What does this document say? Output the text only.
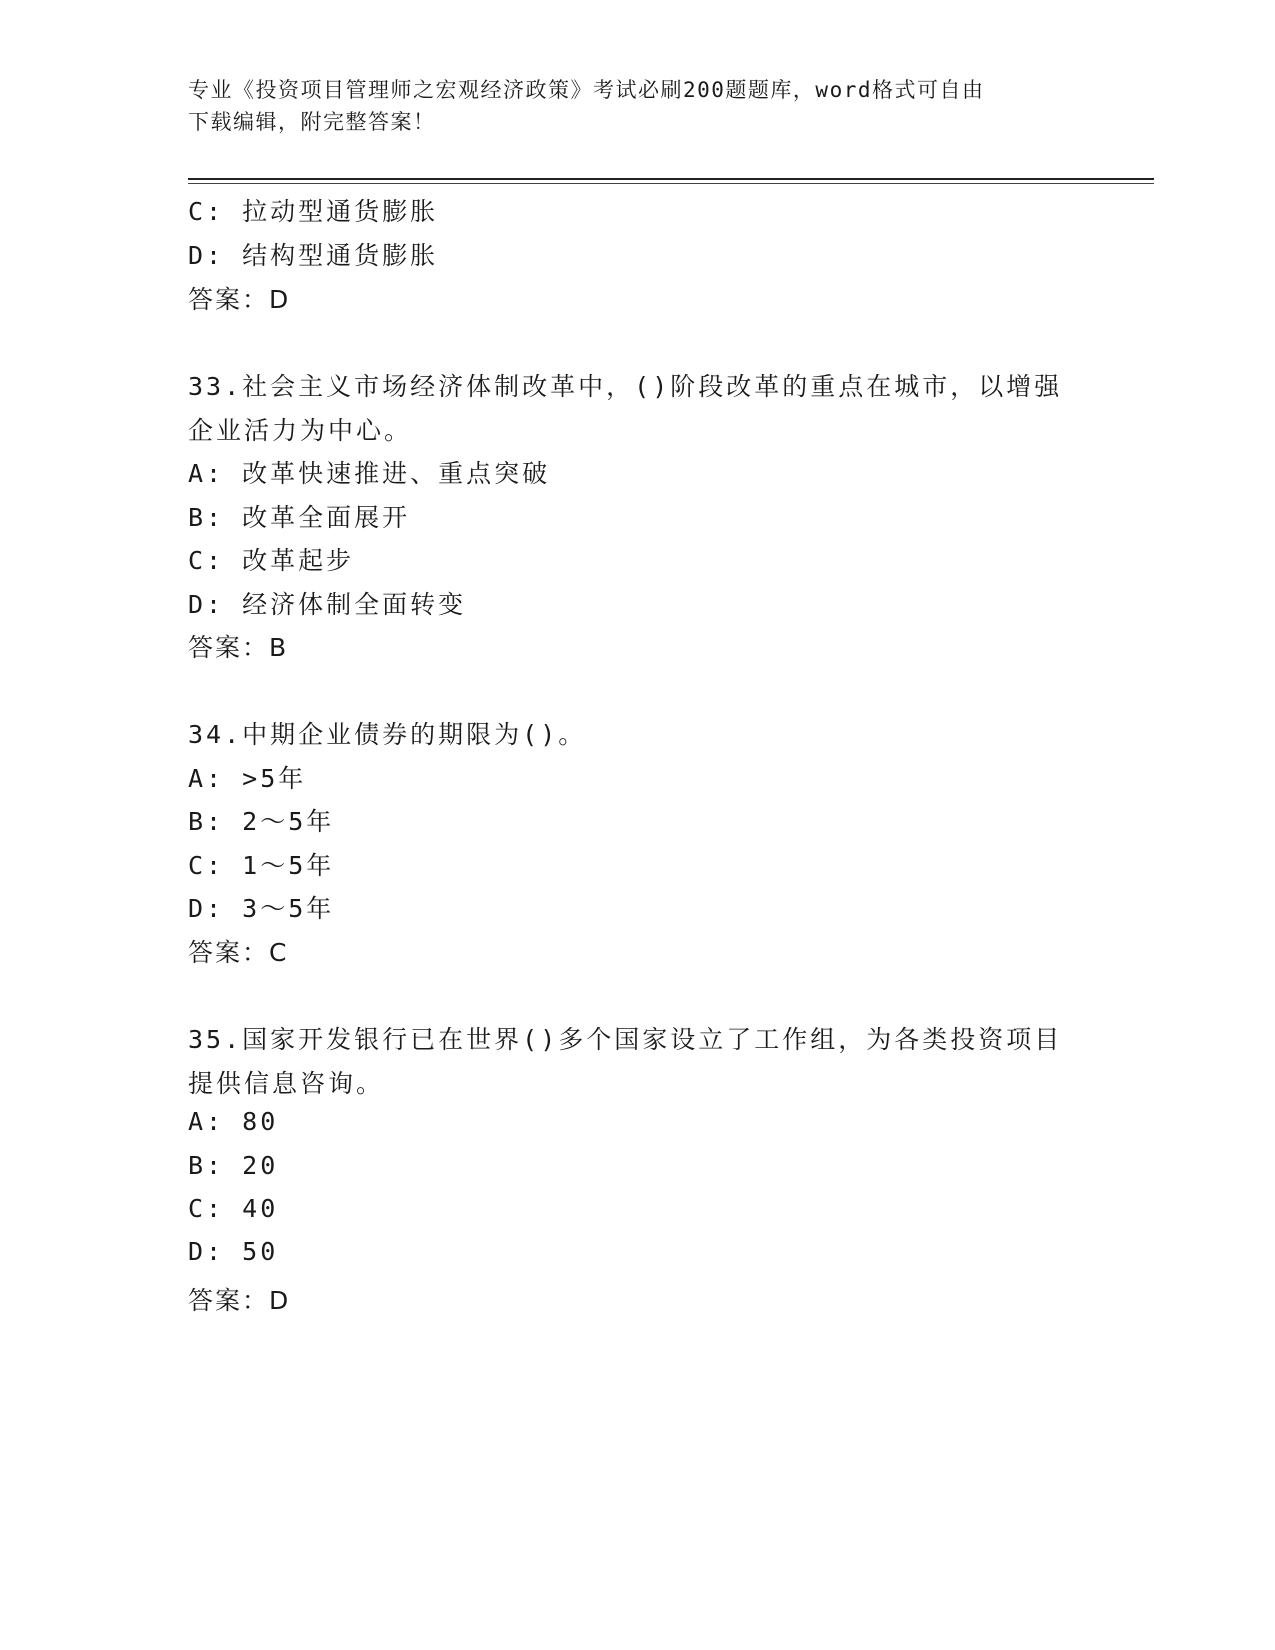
专业《投资项目管理师之宏观经济政策》考试必刷200题题库，word格式可自由
下载编辑，附完整答案！
C: 拉动型通货膨胀
D: 结构型通货膨胀
答案：D
33.社会主义市场经济体制改革中，()阶段改革的重点在城市，以增强
企业活力为中心。
A: 改革快速推进、重点突破
B: 改革全面展开
C: 改革起步
D: 经济体制全面转变
答案：B
34.中期企业债券的期限为()。
A: >5年
B: 2～5年
C: 1～5年
D: 3～5年
答案：C
35.国家开发银行已在世界()多个国家设立了工作组，为各类投资项目
提供信息咨询。
A: 80
B: 20
C: 40
D: 50
答案：D
